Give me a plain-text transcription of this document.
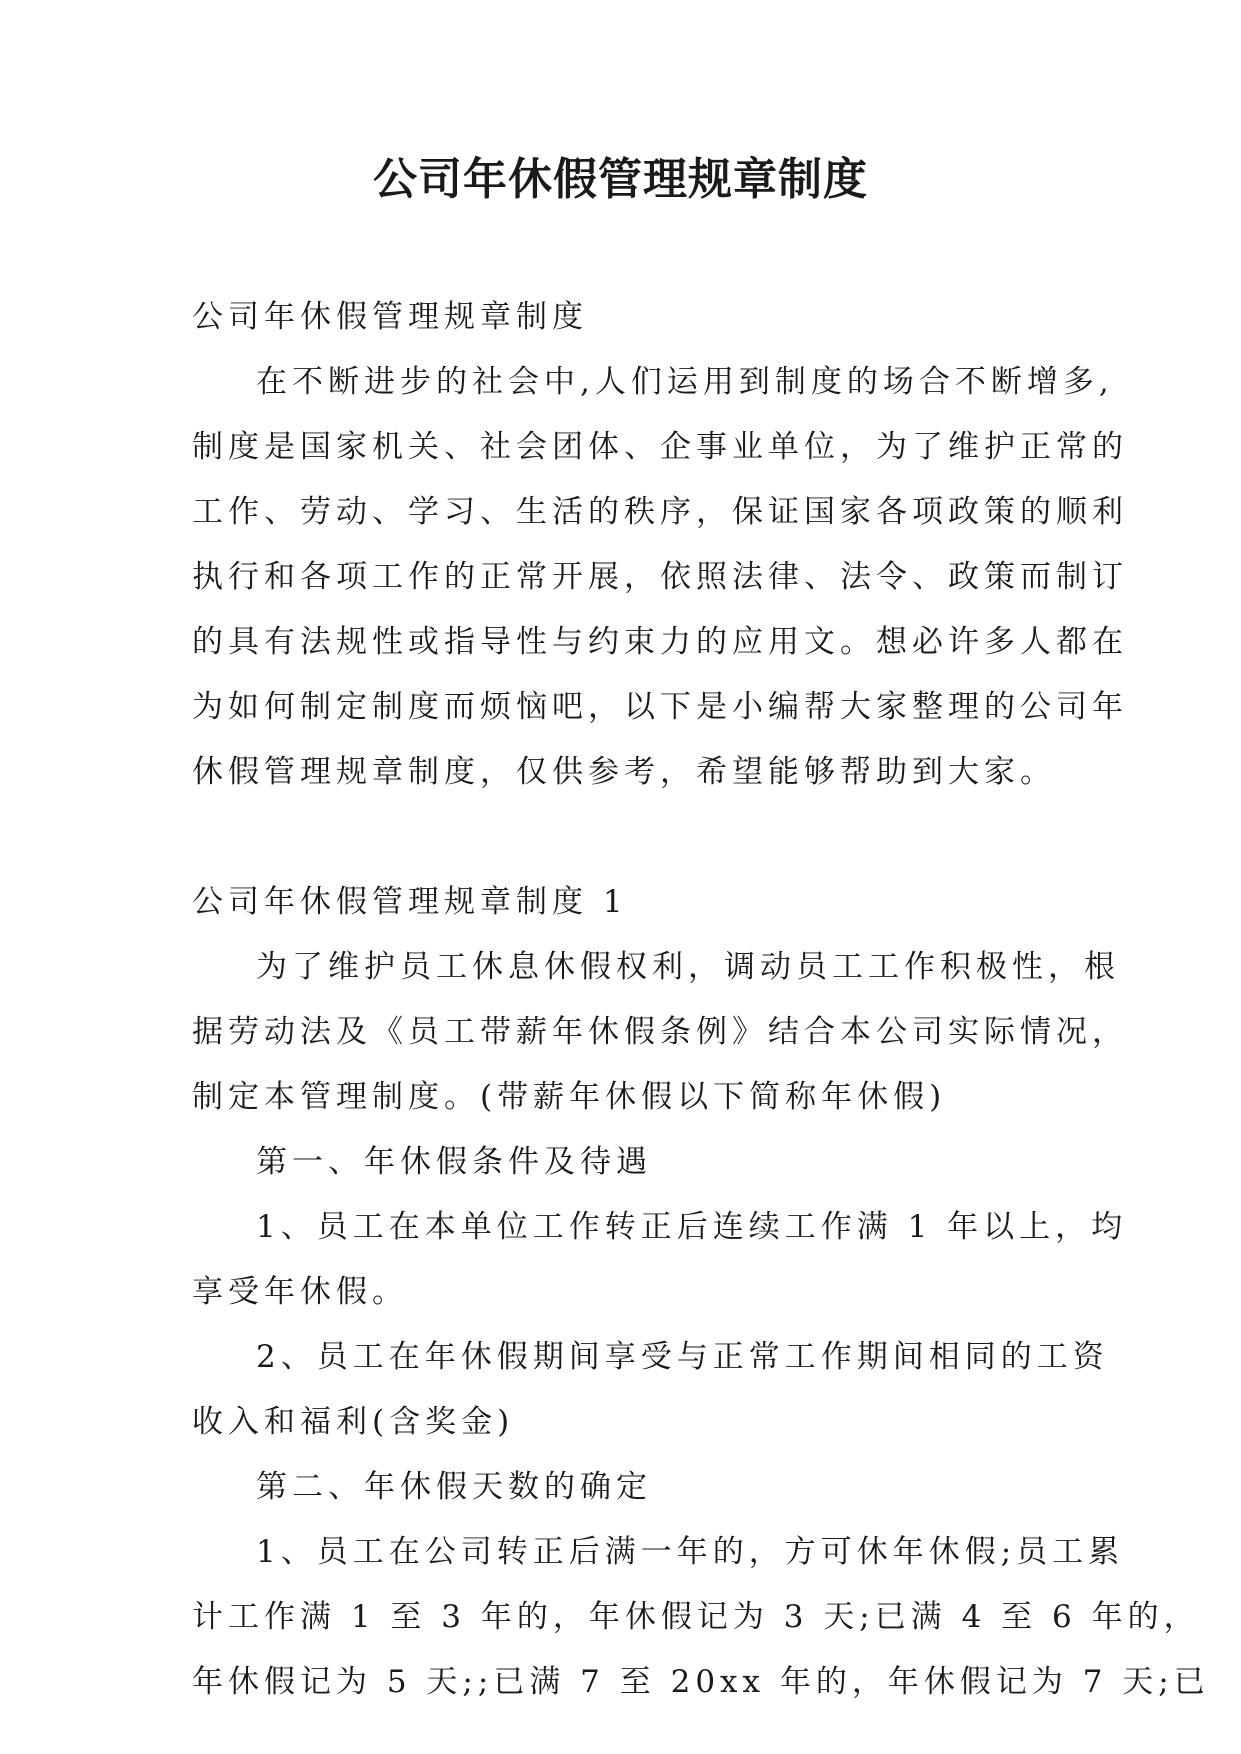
公司年休假管理规章制度
公司年休假管理规章制度
在不断进步的社会中,人们运用到制度的场合不断增多,
制度是国家机关、社会团体、企事业单位，为了维护正常的
工作、劳动、学习、生活的秩序，保证国家各项政策的顺利
执行和各项工作的正常开展，依照法律、法令、政策而制订
的具有法规性或指导性与约束力的应用文。想必许多人都在
为如何制定制度而烦恼吧，以下是小编帮大家整理的公司年
休假管理规章制度，仅供参考，希望能够帮助到大家。
公司年休假管理规章制度 1
为了维护员工休息休假权利，调动员工工作积极性，根
据劳动法及《员工带薪年休假条例》结合本公司实际情况，
制定本管理制度。(带薪年休假以下简称年休假)
第一、年休假条件及待遇
1、员工在本单位工作转正后连续工作满 1 年以上，均
享受年休假。
2、员工在年休假期间享受与正常工作期间相同的工资
收入和福利(含奖金)
第二、年休假天数的确定
1、员工在公司转正后满一年的，方可休年休假;员工累
计工作满 1 至 3 年的，年休假记为 3 天;已满 4 至 6 年的，
年休假记为 5 天;;已满 7 至 20xx 年的，年休假记为 7 天;已
